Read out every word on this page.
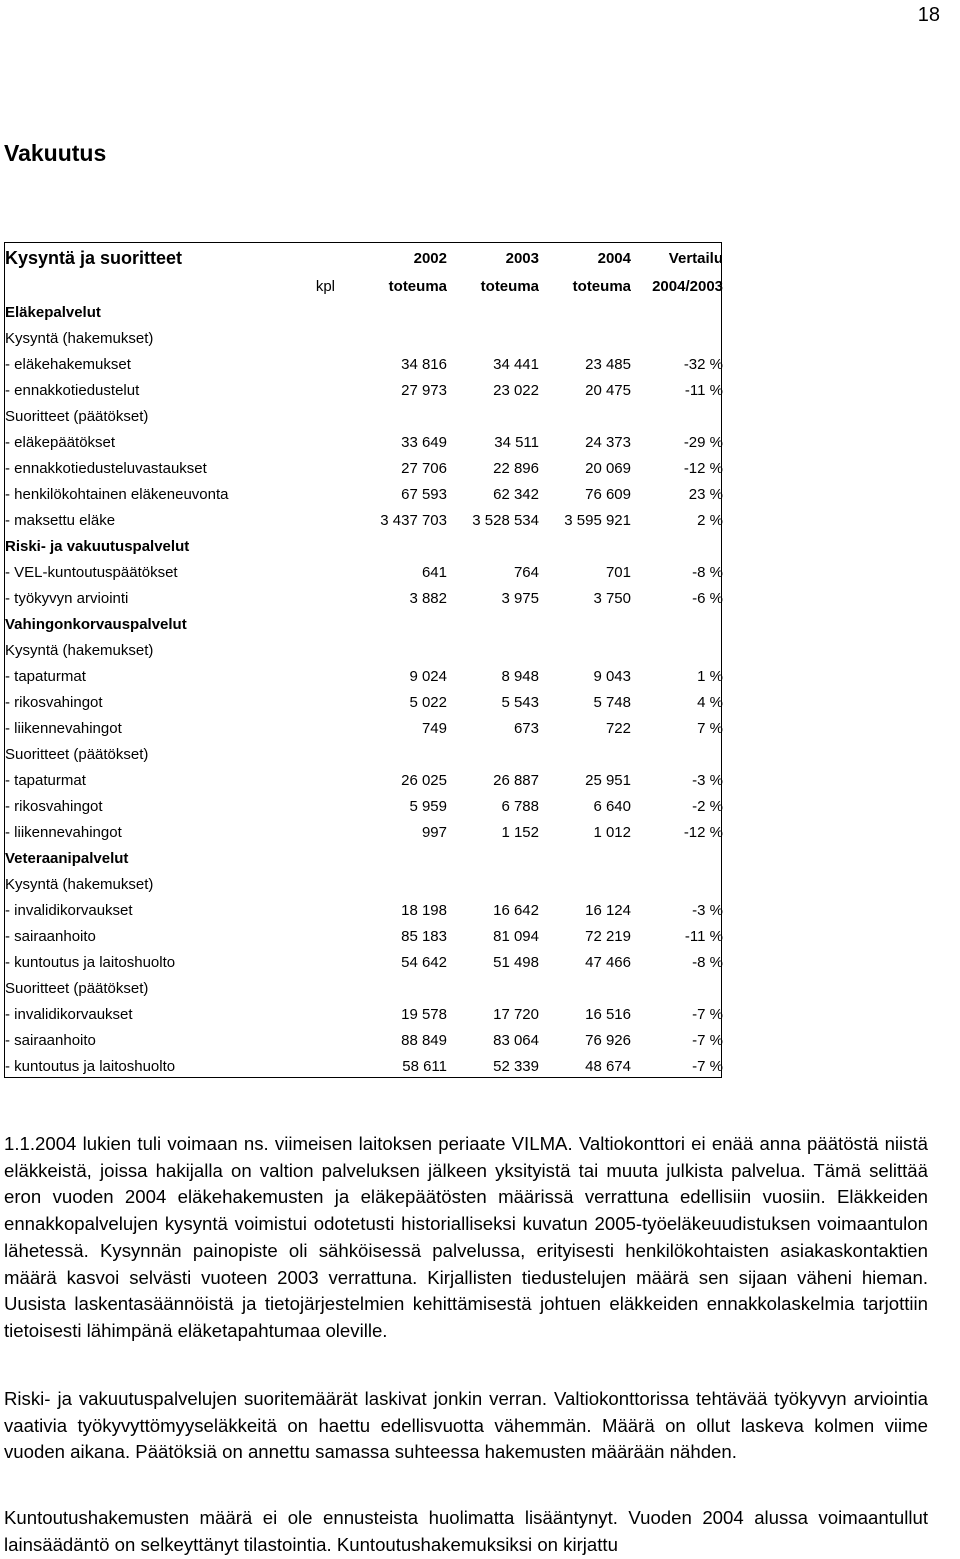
18
Vakuutus
Kysyntä ja suoritteet		2002	2003	2004	Vertailu
kpl		toteuma	toteuma	toteuma	2004/2003
Eläkepalvelut					
Kysyntä (hakemukset)					
- eläkehakemukset		34 816	34 441	23 485	-32 %
- ennakkotiedustelut		27 973	23 022	20 475	-11 %
Suoritteet (päätökset)					
- eläkepäätökset		33 649	34 511	24 373	-29 %
- ennakkotiedusteluvastaukset		27 706	22 896	20 069	-12 %
- henkilökohtainen eläkeneuvonta		67 593	62 342	76 609	23 %
- maksettu eläke		3 437 703	3 528 534	3 595 921	2 %
Riski- ja vakuutuspalvelut					
- VEL-kuntoutuspäätökset		641	764	701	-8 %
- työkyvyn arviointi		3 882	3 975	3 750	-6 %
Vahingonkorvauspalvelut					
Kysyntä (hakemukset)					
- tapaturmat		9 024	8 948	9 043	1 %
- rikosvahingot		5 022	5 543	5 748	4 %
- liikennevahingot		749	673	722	7 %
Suoritteet (päätökset)					
- tapaturmat		26 025	26 887	25 951	-3 %
- rikosvahingot		5 959	6 788	6 640	-2 %
- liikennevahingot		997	1 152	1 012	-12 %
Veteraanipalvelut					
Kysyntä (hakemukset)					
- invalidikorvaukset		18 198	16 642	16 124	-3 %
- sairaanhoito		85 183	81 094	72 219	-11 %
- kuntoutus ja laitoshuolto		54 642	51 498	47 466	-8 %
Suoritteet (päätökset)					
- invalidikorvaukset		19 578	17 720	16 516	-7 %
- sairaanhoito		88 849	83 064	76 926	-7 %
- kuntoutus ja laitoshuolto		58 611	52 339	48 674	-7 %

1.1.2004 lukien tuli voimaan ns. viimeisen laitoksen periaate VILMA. Valtiokonttori ei enää anna päätöstä niistä eläkkeistä, joissa hakijalla on valtion palveluksen jälkeen yksityistä tai muuta julkista palvelua. Tämä selittää eron vuoden 2004 eläkehakemusten ja eläkepäätösten määrissä verrattuna edellisiin vuosiin. Eläkkeiden ennakkopalvelujen kysyntä voimistui odotetusti historialliseksi kuvatun 2005-työeläkeuudistuksen voimaantulon lähetessä. Kysynnän painopiste oli sähköisessä palvelussa, erityisesti henkilökohtaisten asiakaskontaktien määrä kasvoi selvästi vuoteen 2003 verrattuna. Kirjallisten tiedustelujen määrä sen sijaan väheni hieman. Uusista laskentasäännöistä ja tietojärjestelmien kehittämisestä johtuen eläkkeiden ennakkolaskelmia tarjottiin tietoisesti lähimpänä eläketapahtumaa oleville.

Riski- ja vakuutuspalvelujen suoritemäärät laskivat jonkin verran. Valtiokonttorissa tehtävää työkyvyn arviointia vaativia työkyvyttömyyseläkkeitä on haettu edellisvuotta vähemmän. Määrä on ollut laskeva kolmen viime vuoden aikana. Päätöksiä on annettu samassa suhteessa hakemusten määrään nähden.

Kuntoutushakemusten määrä ei ole ennusteista huolimatta lisääntynyt. Vuoden 2004 alussa voimaantullut lainsäädäntö on selkeyttänyt tilastointia. Kuntoutushakemuksiksi on kirjattu
